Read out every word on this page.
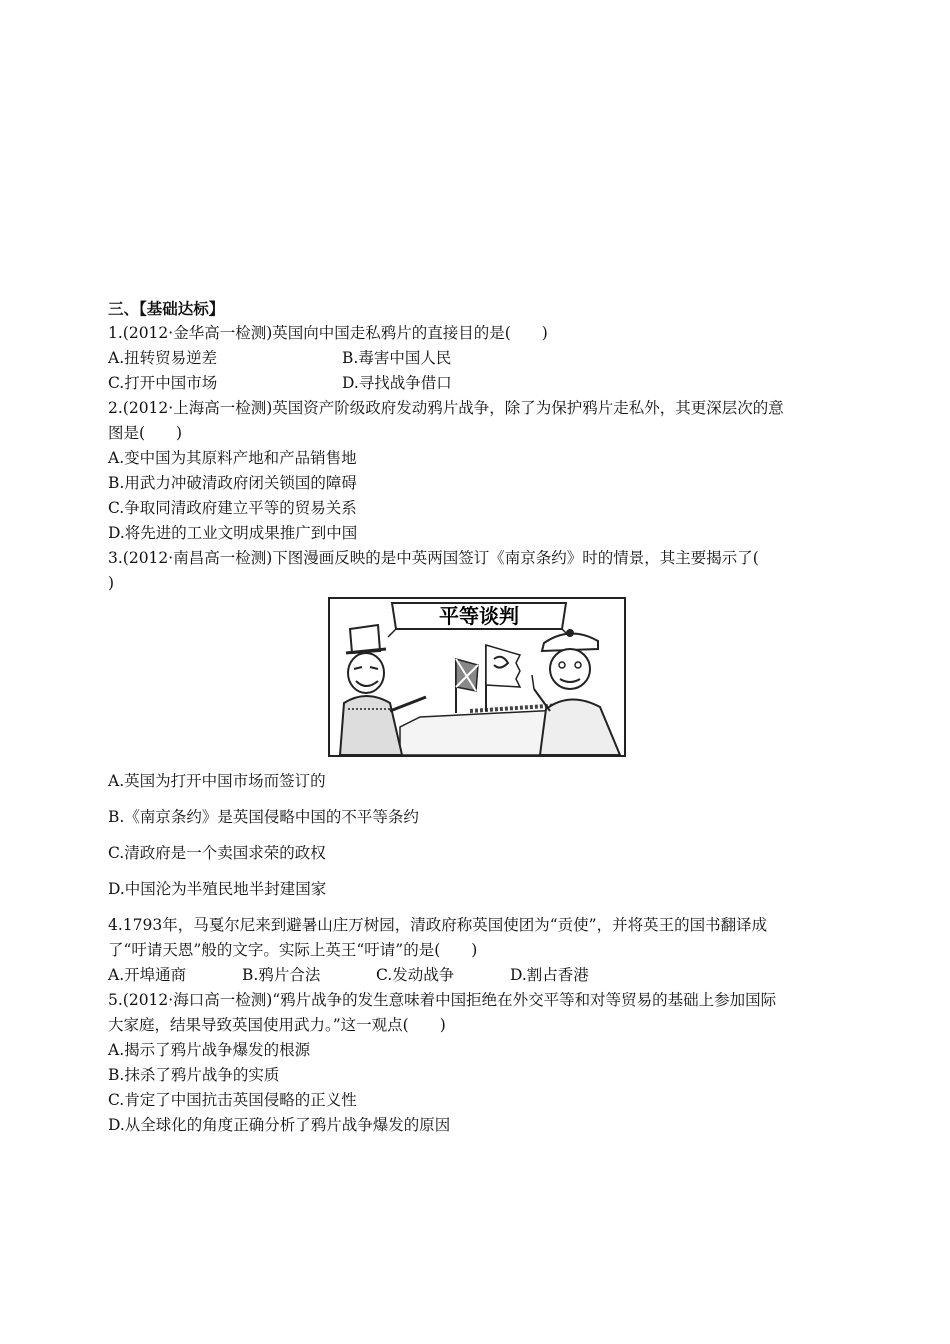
三、【基础达标】
1.(2012·金华高一检测)英国向中国走私鸦片的直接目的是(　　)
A.扭转贸易逆差	B.毒害中国人民
C.打开中国市场	D.寻找战争借口
2.(2012·上海高一检测)英国资产阶级政府发动鸦片战争，除了为保护鸦片走私外，其更深层次的意
图是(　　)
A.变中国为其原料产地和产品销售地
B.用武力冲破清政府闭关锁国的障碍
C.争取同清政府建立平等的贸易关系
D.将先进的工业文明成果推广到中国
3.(2012·南昌高一检测)下图漫画反映的是中英两国签订《南京条约》时的情景，其主要揭示了(
)
平等谈判
A.英国为打开中国市场而签订的
B.《南京条约》是英国侵略中国的不平等条约
C.清政府是一个卖国求荣的政权
D.中国沦为半殖民地半封建国家
4.1793年，马戛尔尼来到避暑山庄万树园，清政府称英国使团为“贡使”，并将英王的国书翻译成
了“吁请天恩”般的文字。实际上英王“吁请”的是(　　)
A.开埠通商	B.鸦片合法	C.发动战争	D.割占香港
5.(2012·海口高一检测)“鸦片战争的发生意味着中国拒绝在外交平等和对等贸易的基础上参加国际
大家庭，结果导致英国使用武力。”这一观点(　　)
A.揭示了鸦片战争爆发的根源
B.抹杀了鸦片战争的实质
C.肯定了中国抗击英国侵略的正义性
D.从全球化的角度正确分析了鸦片战争爆发的原因
